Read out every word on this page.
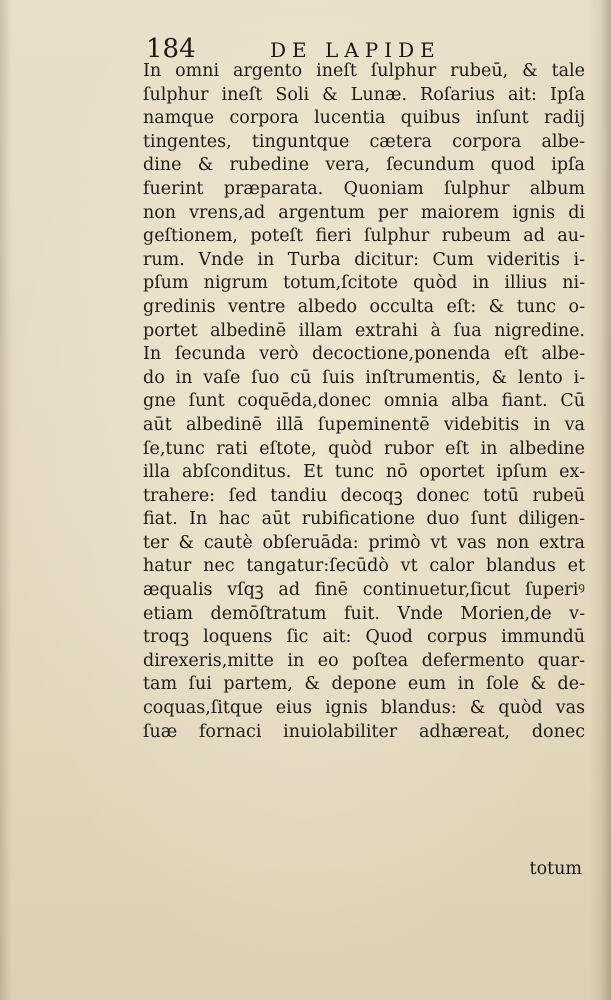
184	DE LAPIDE
In omni argento ineſt ſulphur rubeū, & tale
ſulphur ineſt Soli & Lunæ. Roſarius ait: Ipſa
namque corpora lucentia quibus inſunt radij
tingentes, tinguntque cætera corpora albe-
dine & rubedine vera, ſecundum quod ipſa
fuerint præparata. Quoniam ſulphur album
non vrens,ad argentum per maiorem ignis di
geſtionem, poteſt fieri ſulphur rubeum ad au-
rum. Vnde in Turba dicitur: Cum videritis i-
pſum nigrum totum,ſcitote quòd in illius ni-
gredinis ventre albedo occulta eſt: & tunc o-
portet albedinē illam extrahi à ſua nigredine.
In ſecunda verò decoctione,ponenda eſt albe-
do in vaſe ſuo cū ſuis inſtrumentis, & lento i-
gne ſunt coquēda,donec omnia alba fiant. Cū
aūt albedinē illā ſupeminentē videbitis in va
ſe,tunc rati eſtote, quòd rubor eſt in albedine
illa abſconditus. Et tunc nō oportet ipſum ex-
trahere: ſed tandiu decoqꝫ donec totū rubeū
fiat. In hac aūt rubificatione duo ſunt diligen-
ter & cautè obſeruāda: primò vt vas non extra
hatur nec tangatur:ſecūdò vt calor blandus et
æqualis vſqꝫ ad finē continuetur,ſicut ſuperiꝰ
etiam demōſtratum fuit. Vnde Morien,de v-
troqꝫ loquens ſic ait: Quod corpus immundū
direxeris,mitte in eo poſtea defermento quar-
tam ſui partem, & depone eum in ſole & de-
coquas,ſitque eius ignis blandus: & quòd vas
ſuæ fornaci inuiolabiliter adhæreat, donec
totum
